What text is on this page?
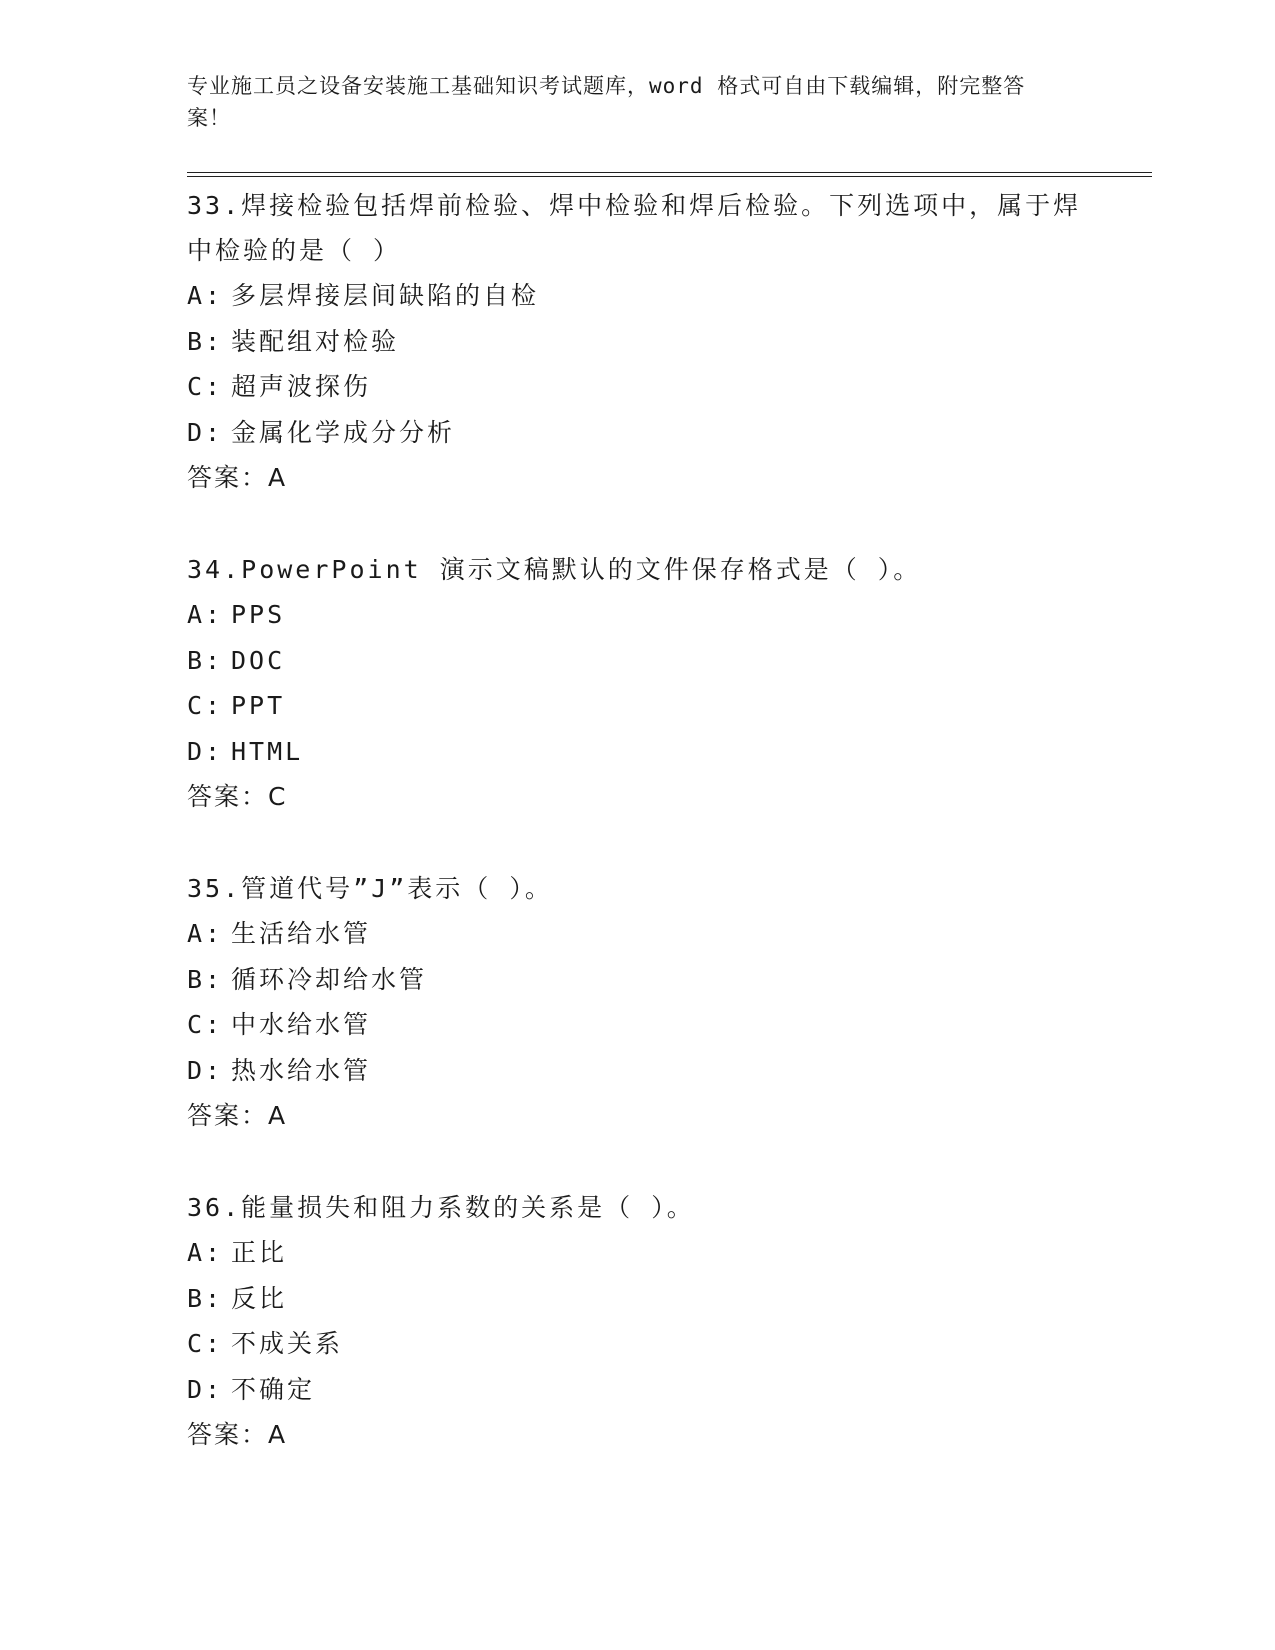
专业施工员之设备安装施工基础知识考试题库，word 格式可自由下载编辑，附完整答案！

33.焊接检验包括焊前检验、焊中检验和焊后检验。下列选项中，属于焊中检验的是（ ）

A: 多层焊接层间缺陷的自检

B: 装配组对检验

C: 超声波探伤

D: 金属化学成分分析

答案：A

34.PowerPoint 演示文稿默认的文件保存格式是（ ）。

A: PPS

B: DOC

C: PPT

D: HTML

答案：C

35.管道代号”J”表示（ ）。

A: 生活给水管

B: 循环冷却给水管

C: 中水给水管

D: 热水给水管

答案：A

36.能量损失和阻力系数的关系是（ ）。

A: 正比

B: 反比

C: 不成关系

D: 不确定

答案：A
